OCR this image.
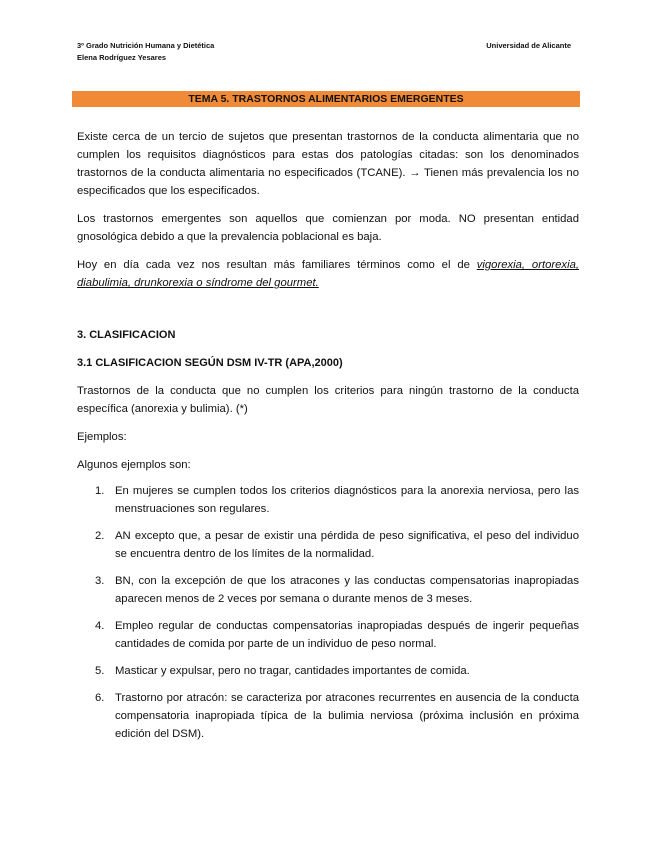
3º Grado Nutrición Humana y Dietética
Elena Rodríguez Yesares
Universidad de Alicante
TEMA 5. TRASTORNOS ALIMENTARIOS EMERGENTES

Existe cerca de un tercio de sujetos que presentan trastornos de la conducta alimentaria que no cumplen los requisitos diagnósticos para estas dos patologías citadas: son los denominados trastornos de la conducta alimentaria no especificados (TCANE). → Tienen más prevalencia los no especificados que los especificados.

Los trastornos emergentes son aquellos que comienzan por moda. NO presentan entidad gnosológica debido a que la prevalencia poblacional es baja.

Hoy en día cada vez nos resultan más familiares términos como el de vigorexia, ortorexia, diabulimia, drunkorexia o síndrome del gourmet.

3. CLASIFICACION

3.1 CLASIFICACION SEGÚN DSM IV-TR (APA,2000)

Trastornos de la conducta que no cumplen los criterios para ningún trastorno de la conducta específica (anorexia y bulimia). (*)

Ejemplos:

Algunos ejemplos son:

1. En mujeres se cumplen todos los criterios diagnósticos para la anorexia nerviosa, pero las menstruaciones son regulares.
2. AN excepto que, a pesar de existir una pérdida de peso significativa, el peso del individuo se encuentra dentro de los límites de la normalidad.
3. BN, con la excepción de que los atracones y las conductas compensatorias inapropiadas aparecen menos de 2 veces por semana o durante menos de 3 meses.
4. Empleo regular de conductas compensatorias inapropiadas después de ingerir pequeñas cantidades de comida por parte de un individuo de peso normal.
5. Masticar y expulsar, pero no tragar, cantidades importantes de comida.
6. Trastorno por atracón: se caracteriza por atracones recurrentes en ausencia de la conducta compensatoria inapropiada típica de la bulimia nerviosa (próxima inclusión en próxima edición del DSM).
